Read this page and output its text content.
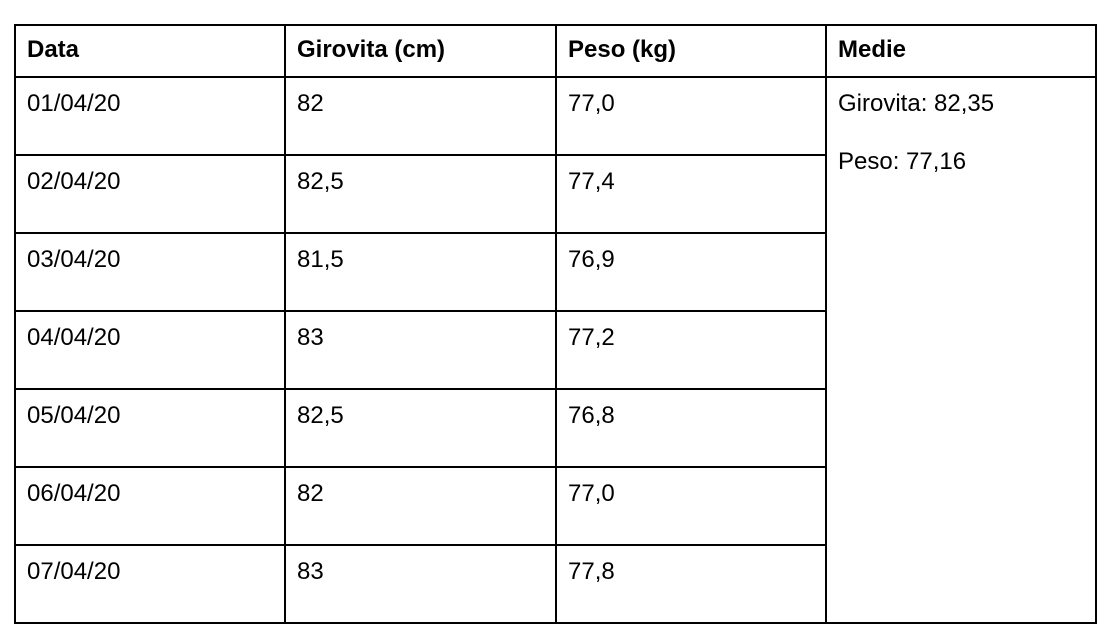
Data	Girovita (cm)	Peso (kg)	Medie
01/04/20	82	77,0	Girovita: 82,35
Peso: 77,16

02/04/20	82,5	77,4	
03/04/20	81,5	76,9	
04/04/20	83	77,2	
05/04/20	82,5	76,8	
06/04/20	82	77,0	
07/04/20	83	77,8	
